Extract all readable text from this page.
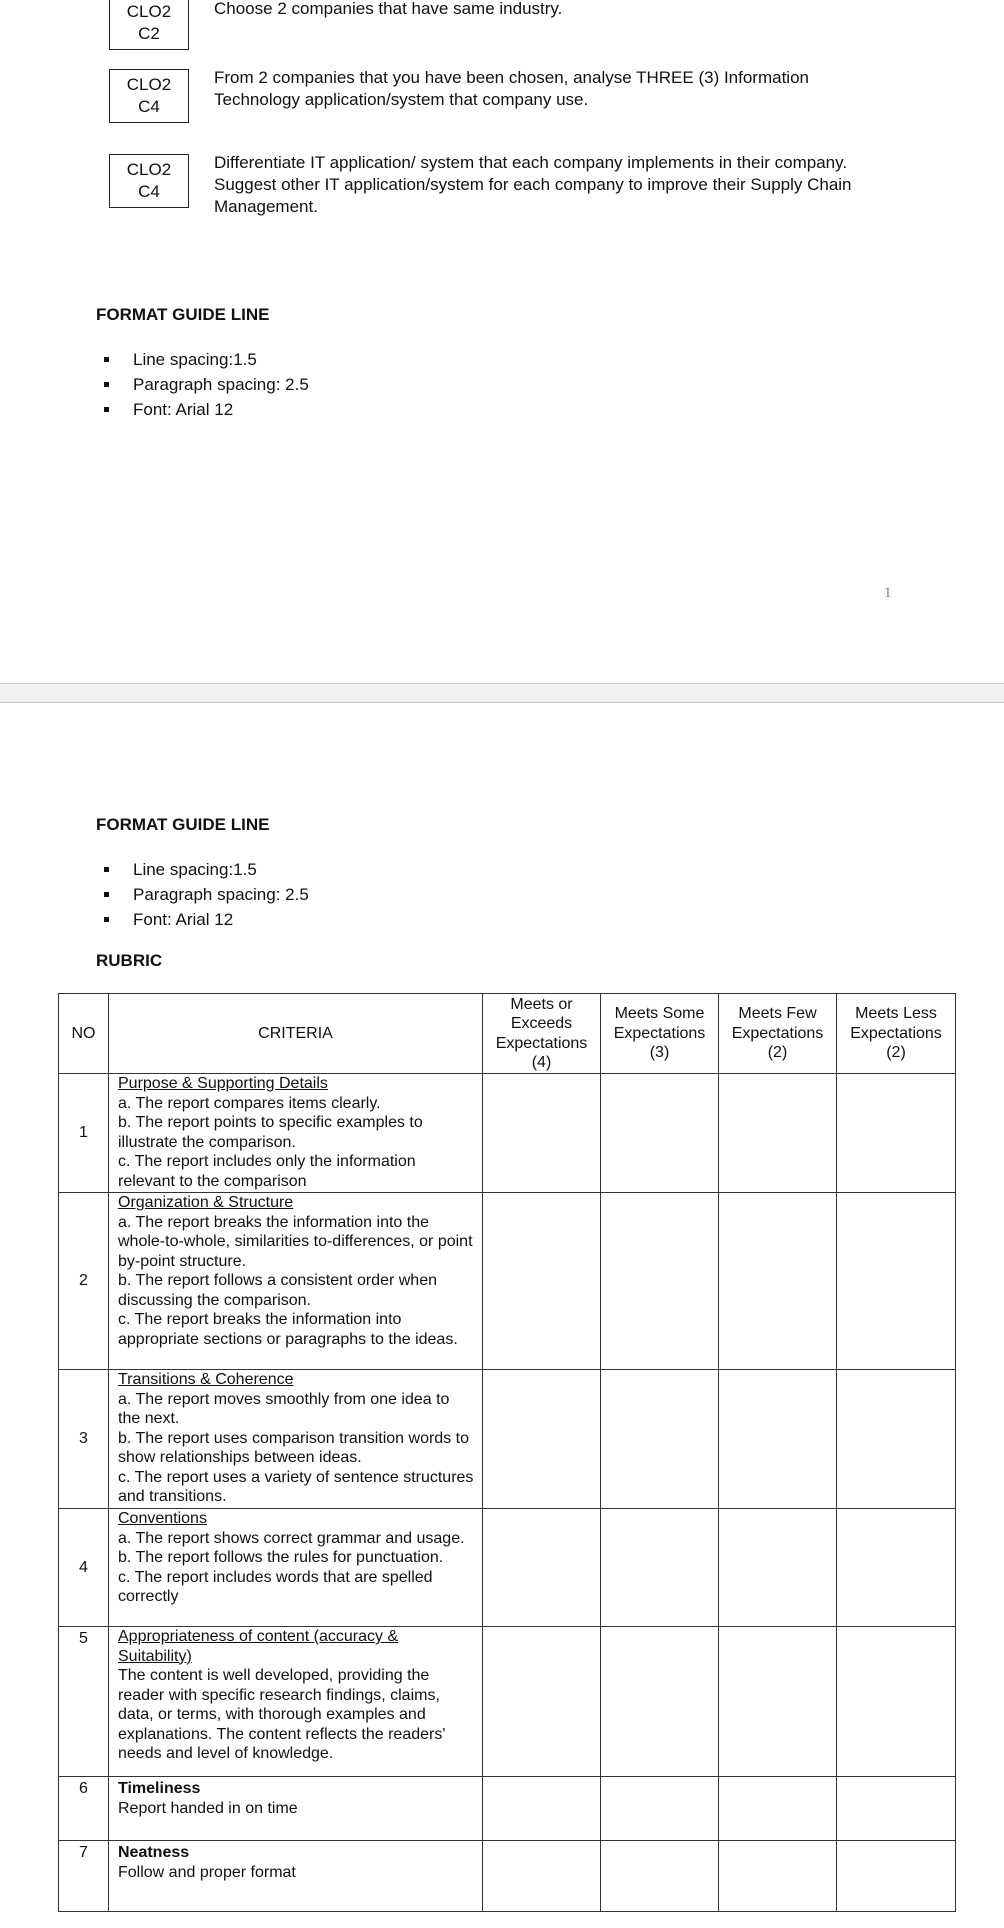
CLO2
C2

Choose 2 companies that have same industry.

CLO2
C4

From 2 companies that you have been chosen, analyse THREE (3) Information Technology application/system that company use.

CLO2
C4

Differentiate IT application/ system that each company implements in their company.

Suggest other IT application/system for each company to improve their Supply Chain Management.

FORMAT GUIDE LINE
Line spacing:1.5
Paragraph spacing: 2.5
Font: Arial 12
1
FORMAT GUIDE LINE
Line spacing:1.5
Paragraph spacing: 2.5
Font: Arial 12
RUBRIC
NO	CRITERIA	Meets or Exceeds Expectations (4)	Meets Some Expectations (3)	Meets Few Expectations (2)	Meets Less Expectations (2)
1	Purpose & Supporting Details
a. The report compares items clearly.
b. The report points to specific examples to illustrate the comparison.
c. The report includes only the information relevant to the comparison				

2	Organization & Structure
a. The report breaks the information into the whole-to-whole, similarities to-differences, or point by-point structure.
b. The report follows a consistent order when discussing the comparison.
c. The report breaks the information into appropriate sections or paragraphs to the ideas.				

3	Transitions & Coherence
a. The report moves smoothly from one idea to the next.
b. The report uses comparison transition words to show relationships between ideas.
c. The report uses a variety of sentence structures and transitions.				

4	Conventions
a. The report shows correct grammar and usage.
b. The report follows the rules for punctuation.
c. The report includes words that are spelled correctly				

5	Appropriateness of content (accuracy & Suitability)
The content is well developed, providing the reader with specific research findings, claims, data, or terms, with thorough examples and explanations. The content reflects the readers' needs and level of knowledge.				

6	Timeliness
Report handed in on time				

7	Neatness
Follow and proper format				
